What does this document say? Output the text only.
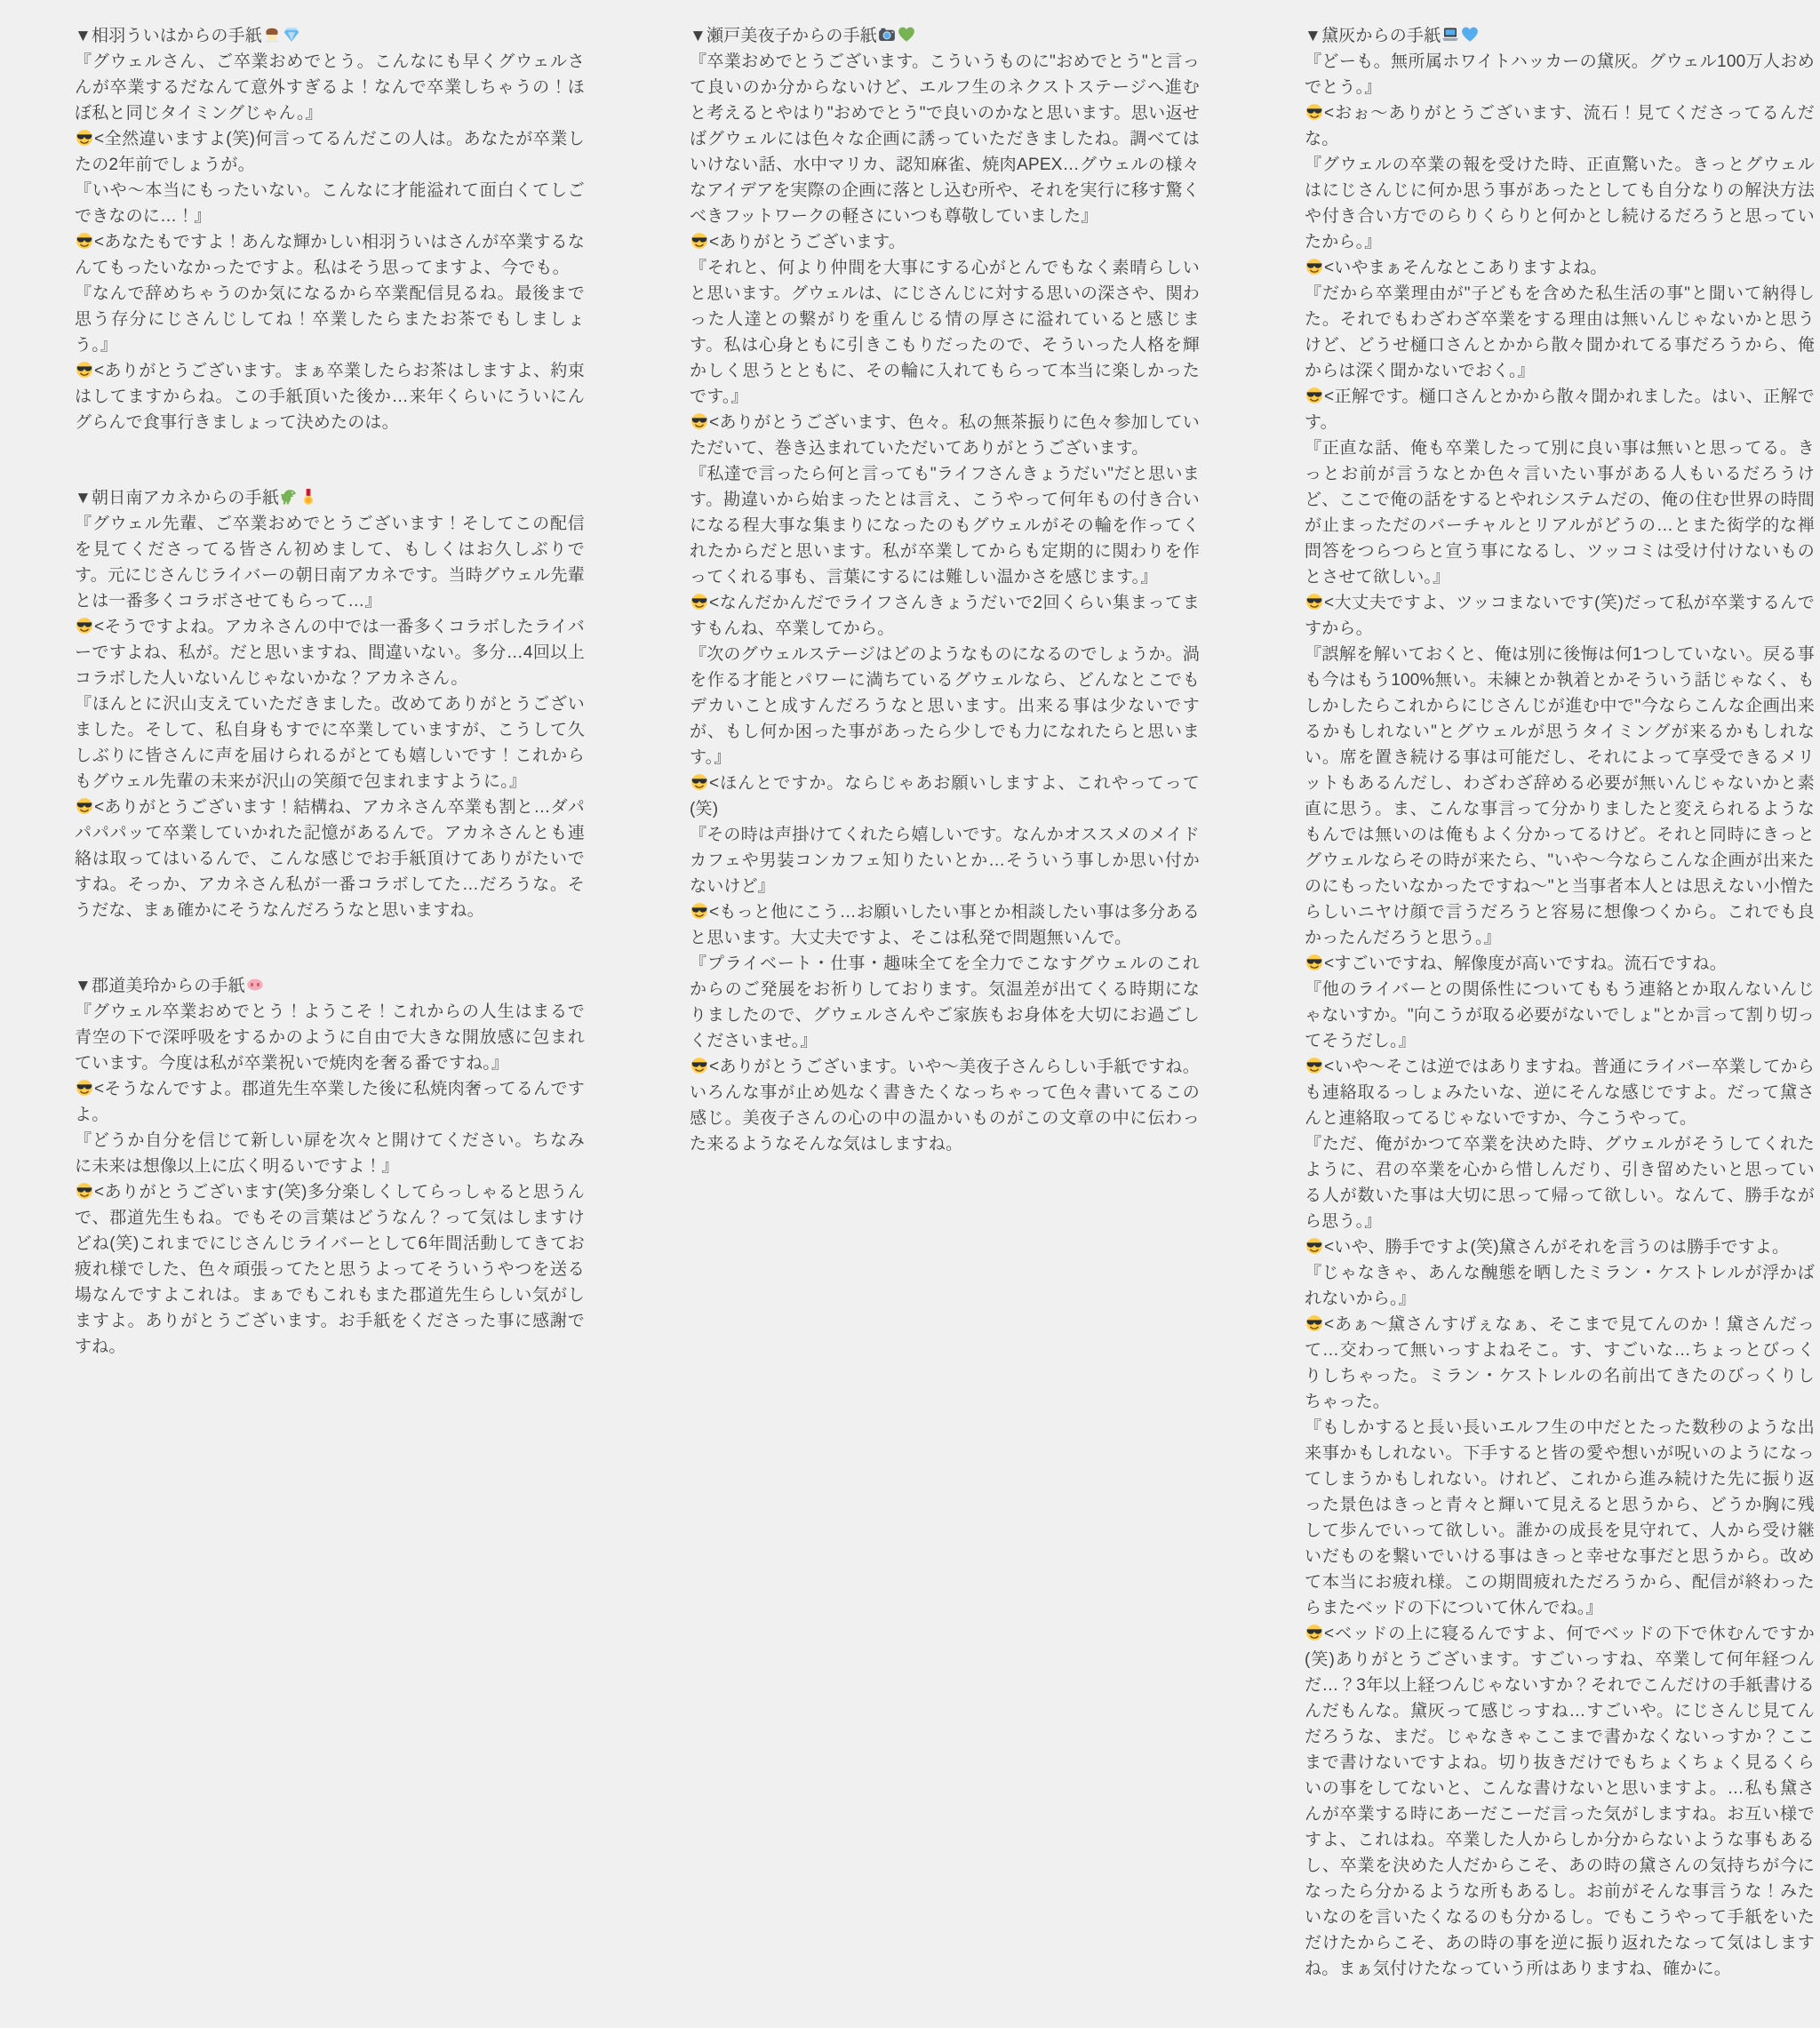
▼相羽ういはからの手紙

『グウェルさん、ご卒業おめでとう。こんなにも早くグウェルさんが卒業するだなんて意外すぎるよ！なんで卒業しちゃうの！ほぼ私と同じタイミングじゃん。』

<全然違いますよ(笑)何言ってるんだこの人は。あなたが卒業したの2年前でしょうが。

『いや〜本当にもったいない。こんなに才能溢れて面白くてしごできなのに…！』

<あなたもですよ！あんな輝かしい相羽ういはさんが卒業するなんてもったいなかったですよ。私はそう思ってますよ、今でも。

『なんで辞めちゃうのか気になるから卒業配信見るね。最後まで思う存分にじさんじしてね！卒業したらまたお茶でもしましょう。』

<ありがとうございます。まぁ卒業したらお茶はしますよ、約束はしてますからね。この手紙頂いた後か…来年くらいにういにんグらんで食事行きましょって決めたのは。

▼朝日南アカネからの手紙

『グウェル先輩、ご卒業おめでとうございます！そしてこの配信を見てくださってる皆さん初めまして、もしくはお久しぶりです。元にじさんじライバーの朝日南アカネです。当時グウェル先輩とは一番多くコラボさせてもらって…』

<そうですよね。アカネさんの中では一番多くコラボしたライバーですよね、私が。だと思いますね、間違いない。多分…4回以上コラボした人いないんじゃないかな？アカネさん。

『ほんとに沢山支えていただきました。改めてありがとうございました。そして、私自身もすでに卒業していますが、こうして久しぶりに皆さんに声を届けられるがとても嬉しいです！これからもグウェル先輩の未来が沢山の笑顔で包まれますように。』

<ありがとうございます！結構ね、アカネさん卒業も割と…ダパパパパッて卒業していかれた記憶があるんで。アカネさんとも連絡は取ってはいるんで、こんな感じでお手紙頂けてありがたいですね。そっか、アカネさん私が一番コラボしてた…だろうな。そうだな、まぁ確かにそうなんだろうなと思いますね。

▼郡道美玲からの手紙

『グウェル卒業おめでとう！ようこそ！これからの人生はまるで青空の下で深呼吸をするかのように自由で大きな開放感に包まれています。今度は私が卒業祝いで焼肉を奢る番ですね。』

<そうなんですよ。郡道先生卒業した後に私焼肉奢ってるんですよ。

『どうか自分を信じて新しい扉を次々と開けてください。ちなみに未来は想像以上に広く明るいですよ！』

<ありがとうございます(笑)多分楽しくしてらっしゃると思うんで、郡道先生もね。でもその言葉はどうなん？って気はしますけどね(笑)これまでにじさんじライバーとして6年間活動してきてお疲れ様でした、色々頑張ってたと思うよってそういうやつを送る場なんですよこれは。まぁでもこれもまた郡道先生らしい気がしますよ。ありがとうございます。お手紙をくださった事に感謝ですね。

▼瀬戸美夜子からの手紙

『卒業おめでとうございます。こういうものに"おめでとう"と言って良いのか分からないけど、エルフ生のネクストステージへ進むと考えるとやはり"おめでとう"で良いのかなと思います。思い返せばグウェルには色々な企画に誘っていただきましたね。調べてはいけない話、水中マリカ、認知麻雀、焼肉APEX…グウェルの様々なアイデアを実際の企画に落とし込む所や、それを実行に移す驚くべきフットワークの軽さにいつも尊敬していました』

<ありがとうございます。

『それと、何より仲間を大事にする心がとんでもなく素晴らしいと思います。グウェルは、にじさんじに対する思いの深さや、関わった人達との繋がりを重んじる情の厚さに溢れていると感じます。私は心身ともに引きこもりだったので、そういった人格を輝かしく思うとともに、その輪に入れてもらって本当に楽しかったです。』

<ありがとうございます、色々。私の無茶振りに色々参加していただいて、巻き込まれていただいてありがとうございます。

『私達で言ったら何と言っても"ライフさんきょうだい"だと思います。勘違いから始まったとは言え、こうやって何年もの付き合いになる程大事な集まりになったのもグウェルがその輪を作ってくれたからだと思います。私が卒業してからも定期的に関わりを作ってくれる事も、言葉にするには難しい温かさを感じます。』

<なんだかんだでライフさんきょうだいで2回くらい集まってますもんね、卒業してから。

『次のグウェルステージはどのようなものになるのでしょうか。渦を作る才能とパワーに満ちているグウェルなら、どんなとこでもデカいこと成すんだろうなと思います。出来る事は少ないですが、もし何か困った事があったら少しでも力になれたらと思います。』

<ほんとですか。ならじゃあお願いしますよ、これやってって(笑)

『その時は声掛けてくれたら嬉しいです。なんかオススメのメイドカフェや男装コンカフェ知りたいとか…そういう事しか思い付かないけど』

<もっと他にこう…お願いしたい事とか相談したい事は多分あると思います。大丈夫ですよ、そこは私発で問題無いんで。

『プライベート・仕事・趣味全てを全力でこなすグウェルのこれからのご発展をお祈りしております。気温差が出てくる時期になりましたので、グウェルさんやご家族もお身体を大切にお過ごしくださいませ。』

<ありがとうございます。いや〜美夜子さんらしい手紙ですね。いろんな事が止め処なく書きたくなっちゃって色々書いてるこの感じ。美夜子さんの心の中の温かいものがこの文章の中に伝わった来るようなそんな気はしますね。

▼黛灰からの手紙

『どーも。無所属ホワイトハッカーの黛灰。グウェル100万人おめでとう。』

<おぉ〜ありがとうございます、流石！見てくださってるんだな。

『グウェルの卒業の報を受けた時、正直驚いた。きっとグウェルはにじさんじに何か思う事があったとしても自分なりの解決方法や付き合い方でのらりくらりと何かとし続けるだろうと思っていたから。』

<いやまぁそんなとこありますよね。

『だから卒業理由が"子どもを含めた私生活の事"と聞いて納得した。それでもわざわざ卒業をする理由は無いんじゃないかと思うけど、どうせ樋口さんとかから散々聞かれてる事だろうから、俺からは深く聞かないでおく。』

<正解です。樋口さんとかから散々聞かれました。はい、正解です。

『正直な話、俺も卒業したって別に良い事は無いと思ってる。きっとお前が言うなとか色々言いたい事がある人もいるだろうけど、ここで俺の話をするとやれシステムだの、俺の住む世界の時間が止まっただのバーチャルとリアルがどうの…とまた衒学的な禅問答をつらつらと宣う事になるし、ツッコミは受け付けないものとさせて欲しい。』

<大丈夫ですよ、ツッコまないです(笑)だって私が卒業するんですから。

『誤解を解いておくと、俺は別に後悔は何1つしていない。戻る事も今はもう100%無い。未練とか執着とかそういう話じゃなく、もしかしたらこれからにじさんじが進む中で"今ならこんな企画出来るかもしれない"とグウェルが思うタイミングが来るかもしれない。席を置き続ける事は可能だし、それによって享受できるメリットもあるんだし、わざわざ辞める必要が無いんじゃないかと素直に思う。ま、こんな事言って分かりましたと変えられるようなもんでは無いのは俺もよく分かってるけど。それと同時にきっとグウェルならその時が来たら、"いや〜今ならこんな企画が出来たのにもったいなかったですね〜"と当事者本人とは思えない小憎たらしいニヤけ顔で言うだろうと容易に想像つくから。これでも良かったんだろうと思う。』

<すごいですね、解像度が高いですね。流石ですね。

『他のライバーとの関係性についてももう連絡とか取んないんじゃないすか。"向こうが取る必要がないでしょ"とか言って割り切ってそうだし。』

<いや〜そこは逆ではありますね。普通にライバー卒業してからも連絡取るっしょみたいな、逆にそんな感じですよ。だって黛さんと連絡取ってるじゃないですか、今こうやって。

『ただ、俺がかつて卒業を決めた時、グウェルがそうしてくれたように、君の卒業を心から惜しんだり、引き留めたいと思っている人が数いた事は大切に思って帰って欲しい。なんて、勝手ながら思う。』

<いや、勝手ですよ(笑)黛さんがそれを言うのは勝手ですよ。

『じゃなきゃ、あんな醜態を晒したミラン・ケストレルが浮かばれないから。』

<あぁ〜黛さんすげぇなぁ、そこまで見てんのか！黛さんだって…交わって無いっすよねそこ。す、すごいな…ちょっとびっくりしちゃった。ミラン・ケストレルの名前出てきたのびっくりしちゃった。

『もしかすると長い長いエルフ生の中だとたった数秒のような出来事かもしれない。下手すると皆の愛や想いが呪いのようになってしまうかもしれない。けれど、これから進み続けた先に振り返った景色はきっと青々と輝いて見えると思うから、どうか胸に残して歩んでいって欲しい。誰かの成長を見守れて、人から受け継いだものを繋いでいける事はきっと幸せな事だと思うから。改めて本当にお疲れ様。この期間疲れただろうから、配信が終わったらまたベッドの下について休んでね。』

<ベッドの上に寝るんですよ、何でベッドの下で休むんですか(笑)ありがとうございます。すごいっすね、卒業して何年経つんだ…？3年以上経つんじゃないすか？それでこんだけの手紙書けるんだもんな。黛灰って感じっすね…すごいや。にじさんじ見てんだろうな、まだ。じゃなきゃここまで書かなくないっすか？ここまで書けないですよね。切り抜きだけでもちょくちょく見るくらいの事をしてないと、こんな書けないと思いますよ。…私も黛さんが卒業する時にあーだこーだ言った気がしますね。お互い様ですよ、これはね。卒業した人からしか分からないような事もあるし、卒業を決めた人だからこそ、あの時の黛さんの気持ちが今になったら分かるような所もあるし。お前がそんな事言うな！みたいなのを言いたくなるのも分かるし。でもこうやって手紙をいただけたからこそ、あの時の事を逆に振り返れたなって気はしますね。まぁ気付けたなっていう所はありますね、確かに。
